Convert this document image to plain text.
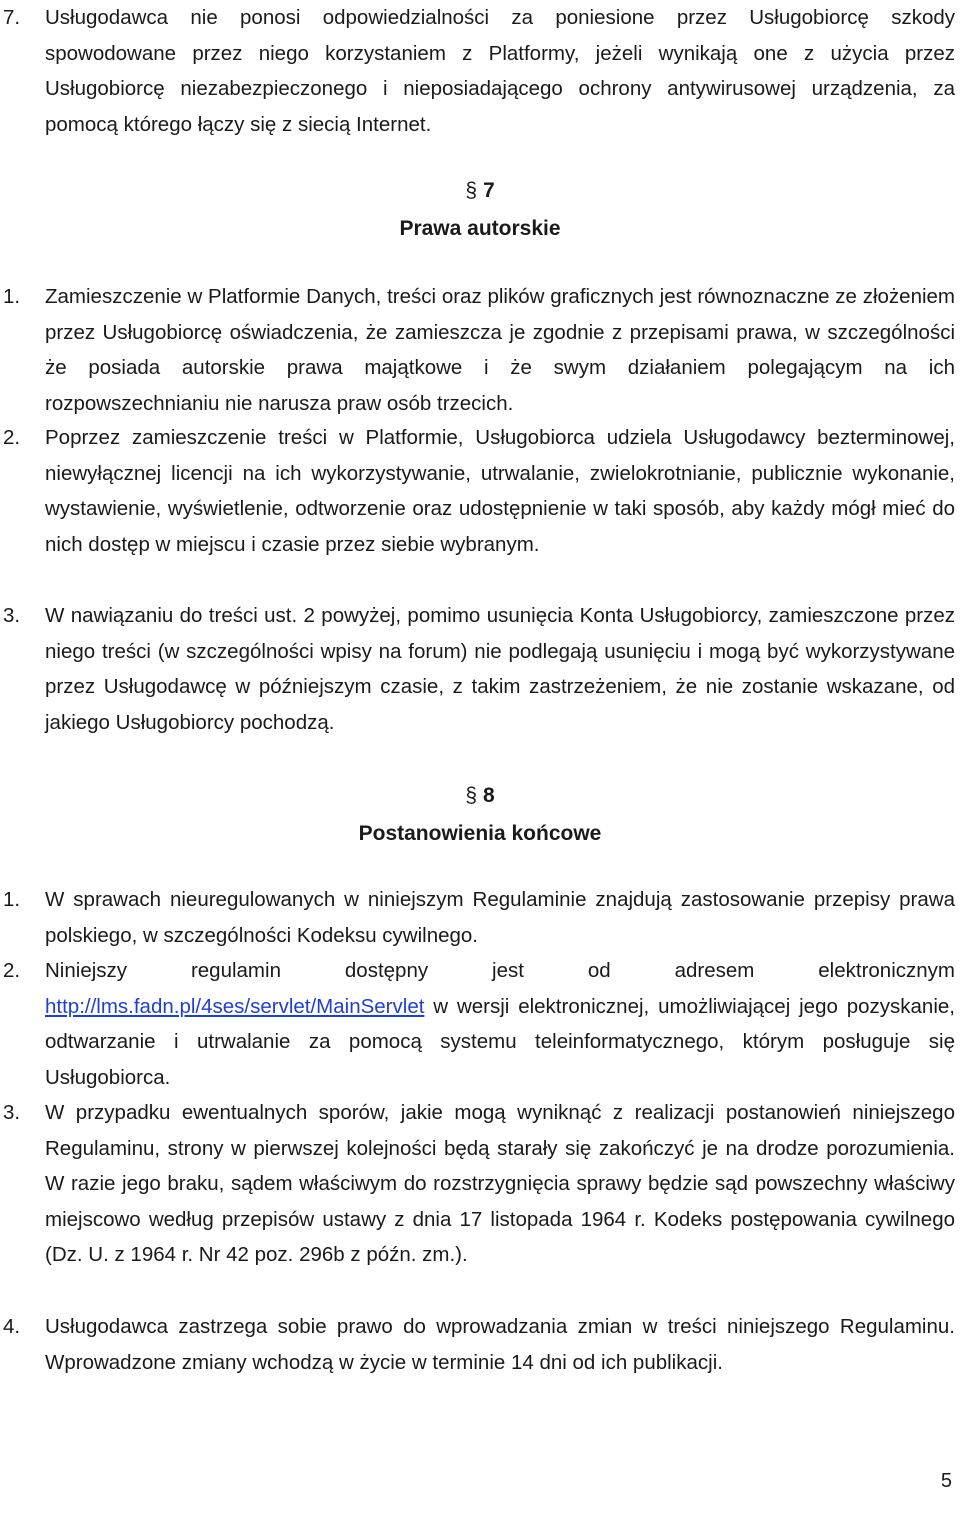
7. Usługodawca nie ponosi odpowiedzialności za poniesione przez Usługobiorcę szkody spowodowane przez niego korzystaniem z Platformy, jeżeli wynikają one z użycia przez Usługobiorcę niezabezpieczonego i nieposiadającego ochrony antywirusowej urządzenia, za pomocą którego łączy się z siecią Internet.
§ 7
Prawa autorskie
1. Zamieszczenie w Platformie Danych, treści oraz plików graficznych jest równoznaczne ze złożeniem przez Usługobiorcę oświadczenia, że zamieszcza je zgodnie z przepisami prawa, w szczególności że posiada autorskie prawa majątkowe i że swym działaniem polegającym na ich rozpowszechnianiu nie narusza praw osób trzecich.
2. Poprzez zamieszczenie treści w Platformie, Usługobiorca udziela Usługodawcy bezterminowej, niewyłącznej licencji na ich wykorzystywanie, utrwalanie, zwielokrotnianie, publicznie wykonanie, wystawienie, wyświetlenie, odtworzenie oraz udostępnienie w taki sposób, aby każdy mógł mieć do nich dostęp w miejscu i czasie przez siebie wybranym.
3. W nawiązaniu do treści ust. 2 powyżej, pomimo usunięcia Konta Usługobiorcy, zamieszczone przez niego treści (w szczególności wpisy na forum) nie podlegają usunięciu i mogą być wykorzystywane przez Usługodawcę w późniejszym czasie, z takim zastrzeżeniem, że nie zostanie wskazane, od jakiego Usługobiorcy pochodzą.
§ 8
Postanowienia końcowe
1. W sprawach nieuregulowanych w niniejszym Regulaminie znajdują zastosowanie przepisy prawa polskiego, w szczególności Kodeksu cywilnego.
2. Niniejszy regulamin dostępny jest od adresem elektronicznym http://lms.fadn.pl/4ses/servlet/MainServlet w wersji elektronicznej, umożliwiającej jego pozyskanie, odtwarzanie i utrwalanie za pomocą systemu teleinformatycznego, którym posługuje się Usługobiorca.
3. W przypadku ewentualnych sporów, jakie mogą wyniknąć z realizacji postanowień niniejszego Regulaminu, strony w pierwszej kolejności będą starały się zakończyć je na drodze porozumienia. W razie jego braku, sądem właściwym do rozstrzygnięcia sprawy będzie sąd powszechny właściwy miejscowo według przepisów ustawy z dnia 17 listopada 1964 r. Kodeks postępowania cywilnego (Dz. U. z 1964 r. Nr 42 poz. 296b z późn. zm.).
4. Usługodawca zastrzega sobie prawo do wprowadzania zmian w treści niniejszego Regulaminu. Wprowadzone zmiany wchodzą w życie w terminie 14 dni od ich publikacji.
5
